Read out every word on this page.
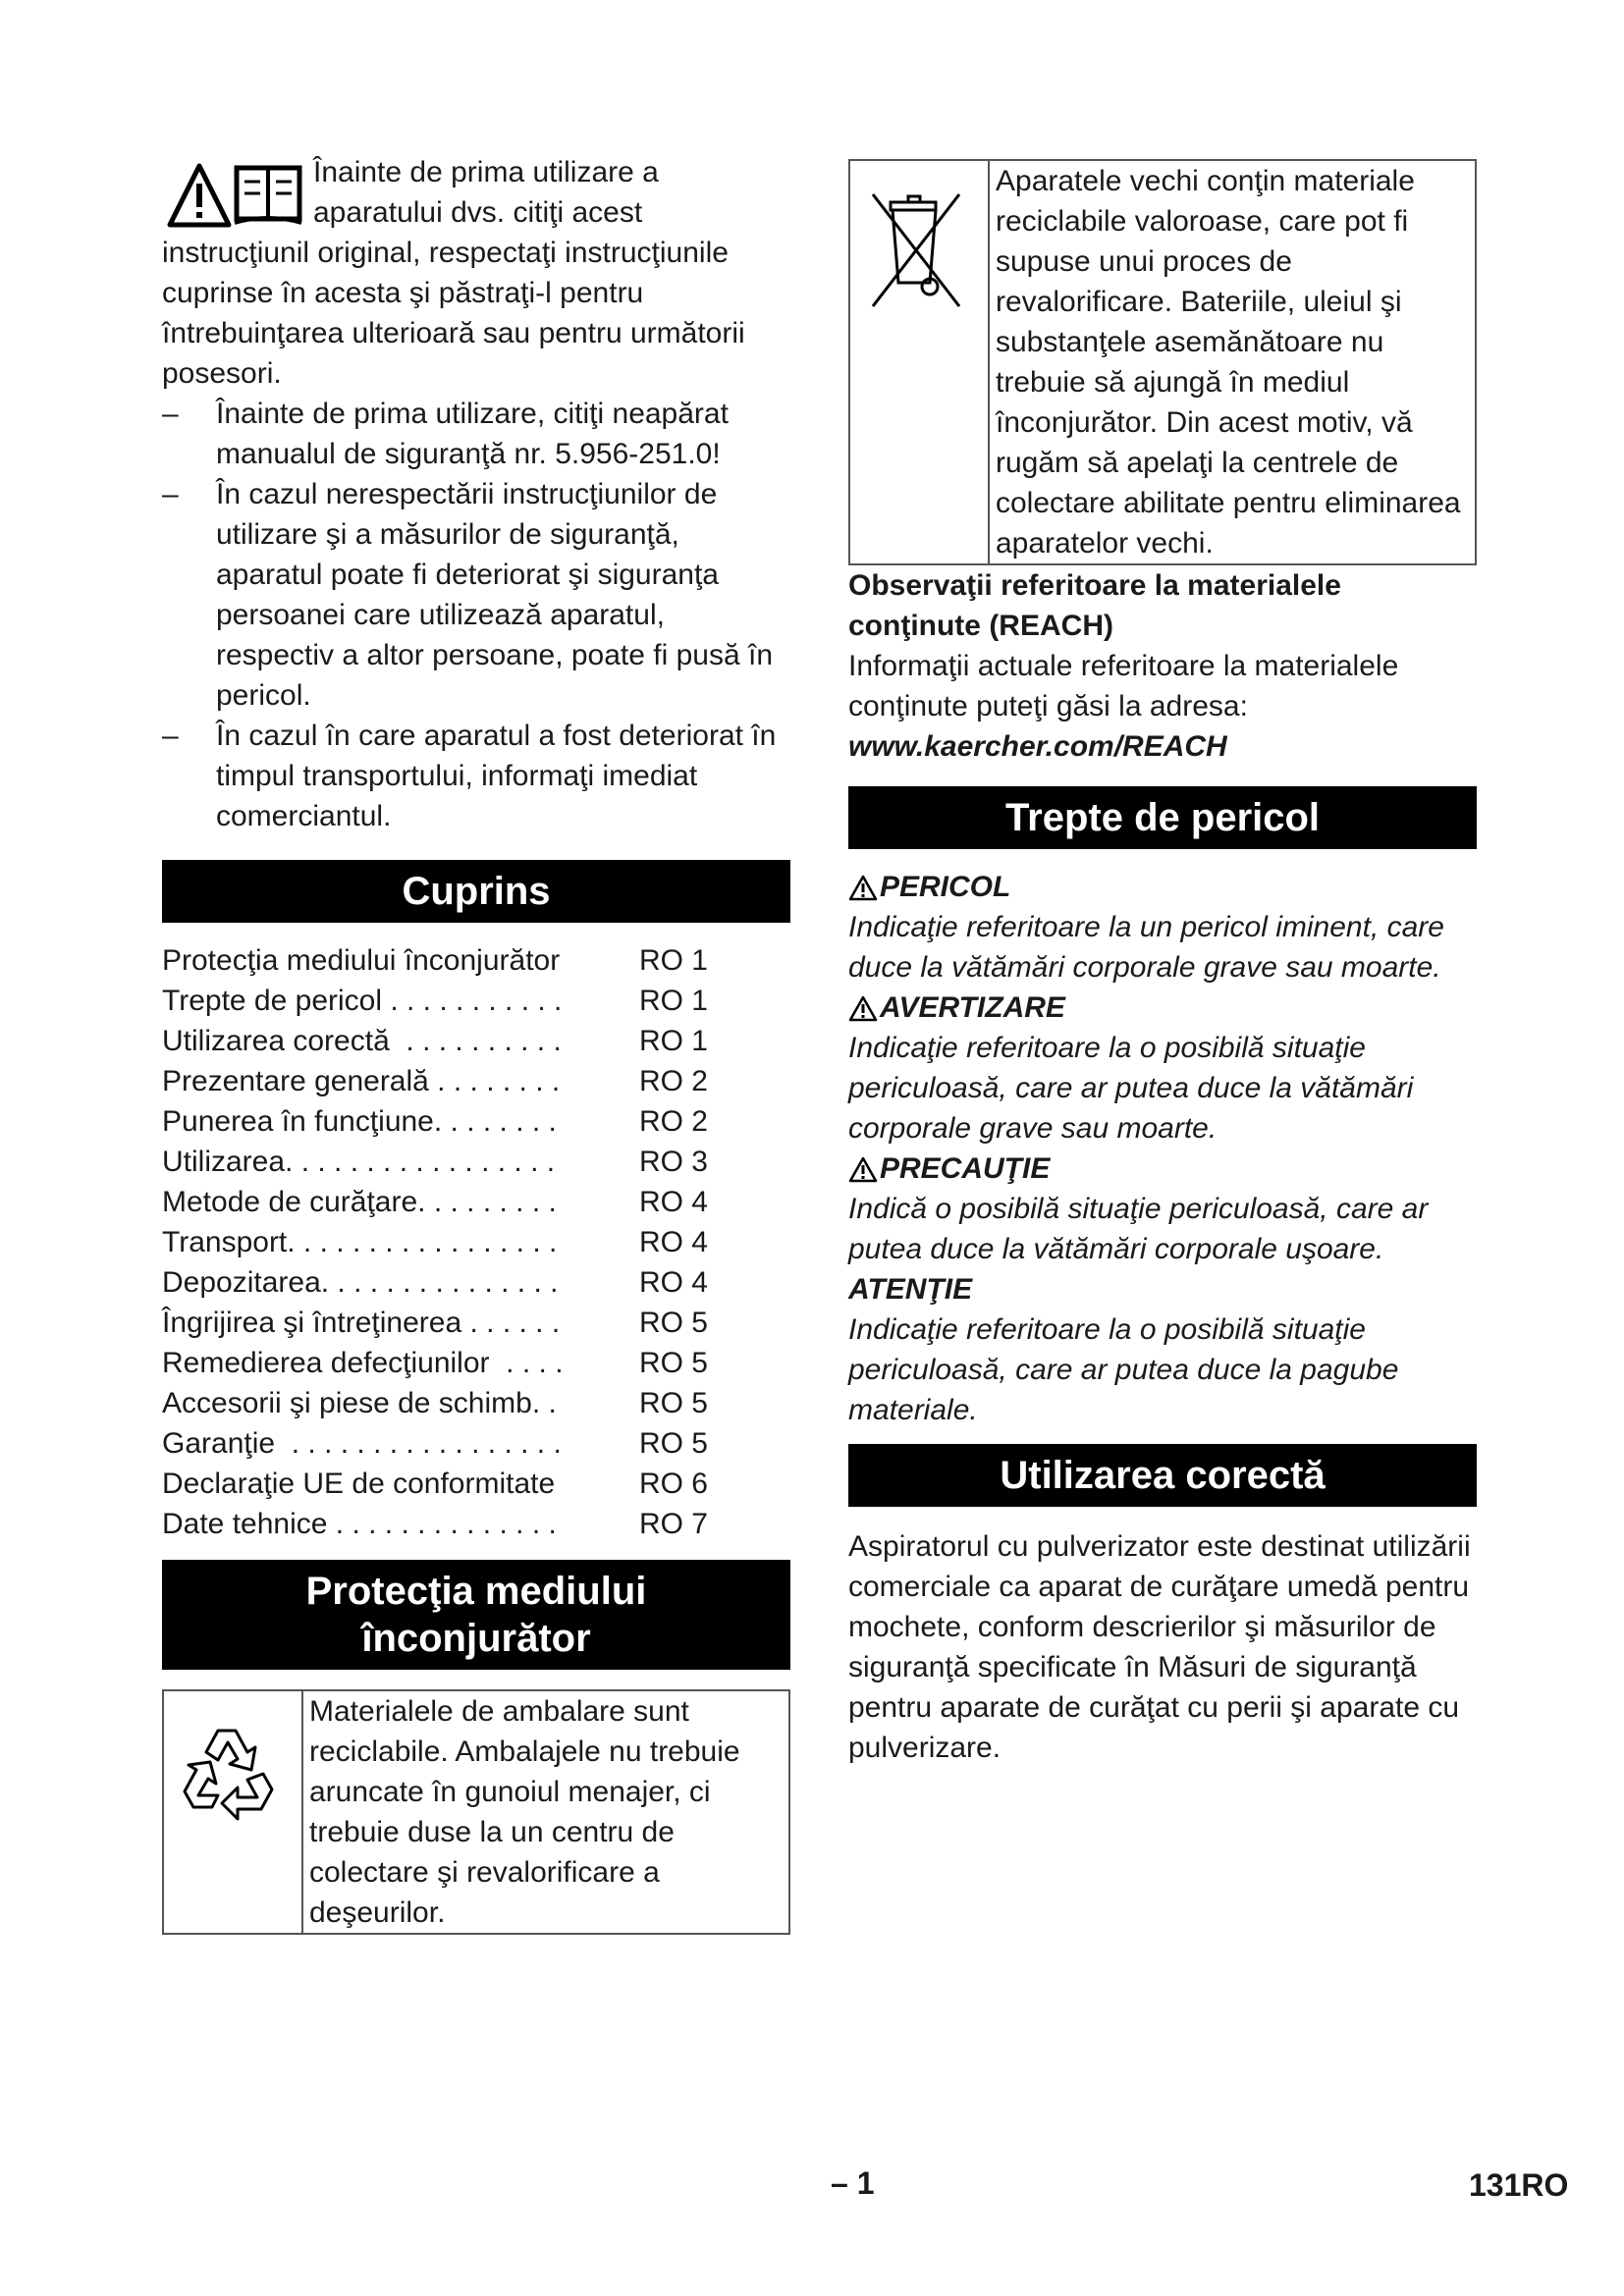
Înainte de prima utilizare a aparatului dvs. citiţi acest instrucţiunil original, respectaţi instrucţiunile cuprinse în acesta şi păstraţi-l pentru întrebuinţarea ulterioară sau pentru următorii posesori.

– Înainte de prima utilizare, citiţi neapărat manualul de siguranţă nr. 5.956-251.0!
– În cazul nerespectării instrucţiunilor de utilizare şi a măsurilor de siguranţă, aparatul poate fi deteriorat şi siguranţa persoanei care utilizează aparatul, respectiv a altor persoane, poate fi pusă în pericol.
– În cazul în care aparatul a fost deteriorat în timpul transportului, informaţi imediat comerciantul.
Cuprins
Protecţia mediului înconjurător	RO 1
Trepte de pericol . . . . . . . . . . .	RO 1
Utilizarea corectă  . . . . . . . . . .	RO 1
Prezentare generală . . . . . . . .	RO 2
Punerea în funcţiune. . . . . . . .	RO 2
Utilizarea. . . . . . . . . . . . . . . . .	RO 3
Metode de curăţare. . . . . . . . .	RO 4
Transport. . . . . . . . . . . . . . . . .	RO 4
Depozitarea. . . . . . . . . . . . . . .	RO 4
Îngrijirea şi întreţinerea . . . . . .	RO 5
Remedierea defecţiunilor  . . . .	RO 5
Accesorii şi piese de schimb. .	RO 5
Garanţie  . . . . . . . . . . . . . . . . .	RO 5
Declaraţie UE de conformitate	RO 6
Date tehnice . . . . . . . . . . . . . .	RO 7
Protecţia mediului
înconjurător
Materialele de ambalare sunt reciclabile. Ambalajele nu trebuie aruncate în gunoiul menajer, ci trebuie duse la un centru de colectare şi revalorificare a deşeurilor.
Aparatele vechi conţin materiale reciclabile valoroase, care pot fi supuse unui proces de revalorificare. Bateriile, uleiul şi substanţele asemănătoare nu trebuie să ajungă în mediul înconjurător. Din acest motiv, vă rugăm să apelaţi la centrele de colectare abilitate pentru eliminarea aparatelor vechi.
Observaţii referitoare la materialele conţinute (REACH)
Informaţii actuale referitoare la materialele conţinute puteţi găsi la adresa:
www.kaercher.com/REACH
Trepte de pericol
PERICOL
Indicaţie referitoare la un pericol iminent, care duce la vătămări corporale grave sau moarte.
AVERTIZARE
Indicaţie referitoare la o posibilă situaţie periculoasă, care ar putea duce la vătămări corporale grave sau moarte.
PRECAUŢIE
Indică o posibilă situaţie periculoasă, care ar putea duce la vătămări corporale uşoare.
ATENŢIE
Indicaţie referitoare la o posibilă situaţie periculoasă, care ar putea duce la pagube materiale.
Utilizarea corectă
Aspiratorul cu pulverizator este destinat utilizării comerciale ca aparat de curăţare umedă pentru mochete, conform descrierilor şi măsurilor de siguranţă specificate în Măsuri de siguranţă pentru aparate de curăţat cu perii şi aparate cu pulverizare.
– 1	131RO
